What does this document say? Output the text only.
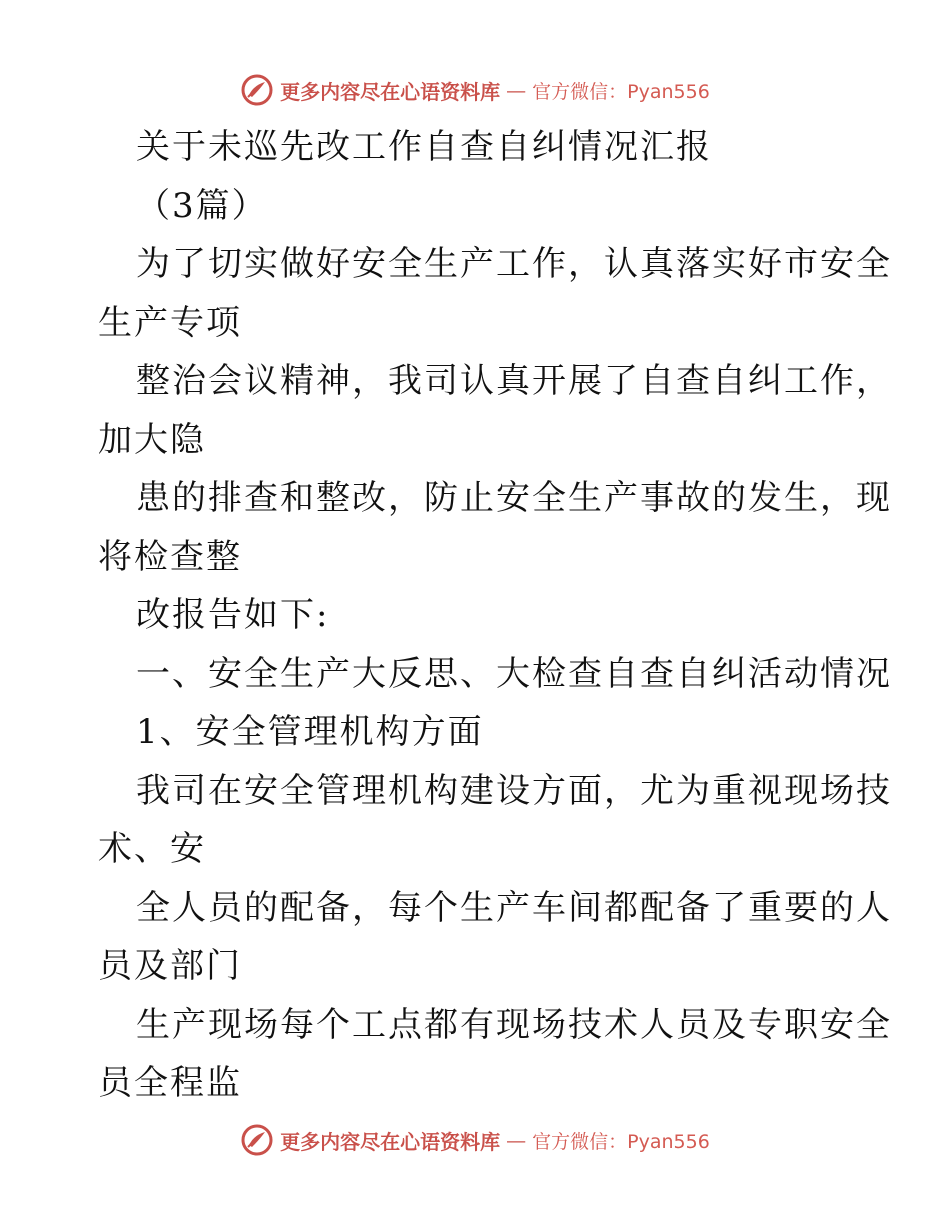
更多内容尽在心语资料库 — 官方微信：Pyan556
关于未巡先改工作自查自纠情况汇报
（3篇）
为了切实做好安全生产工作，认真落实好市安全
生产专项
整治会议精神，我司认真开展了自查自纠工作，
加大隐
患的排查和整改，防止安全生产事故的发生，现
将检查整
改报告如下:
一、安全生产大反思、大检查自查自纠活动情况
1、安全管理机构方面
我司在安全管理机构建设方面，尤为重视现场技
术、安
全人员的配备，每个生产车间都配备了重要的人
员及部门
生产现场每个工点都有现场技术人员及专职安全
员全程监
更多内容尽在心语资料库 — 官方微信：Pyan556
